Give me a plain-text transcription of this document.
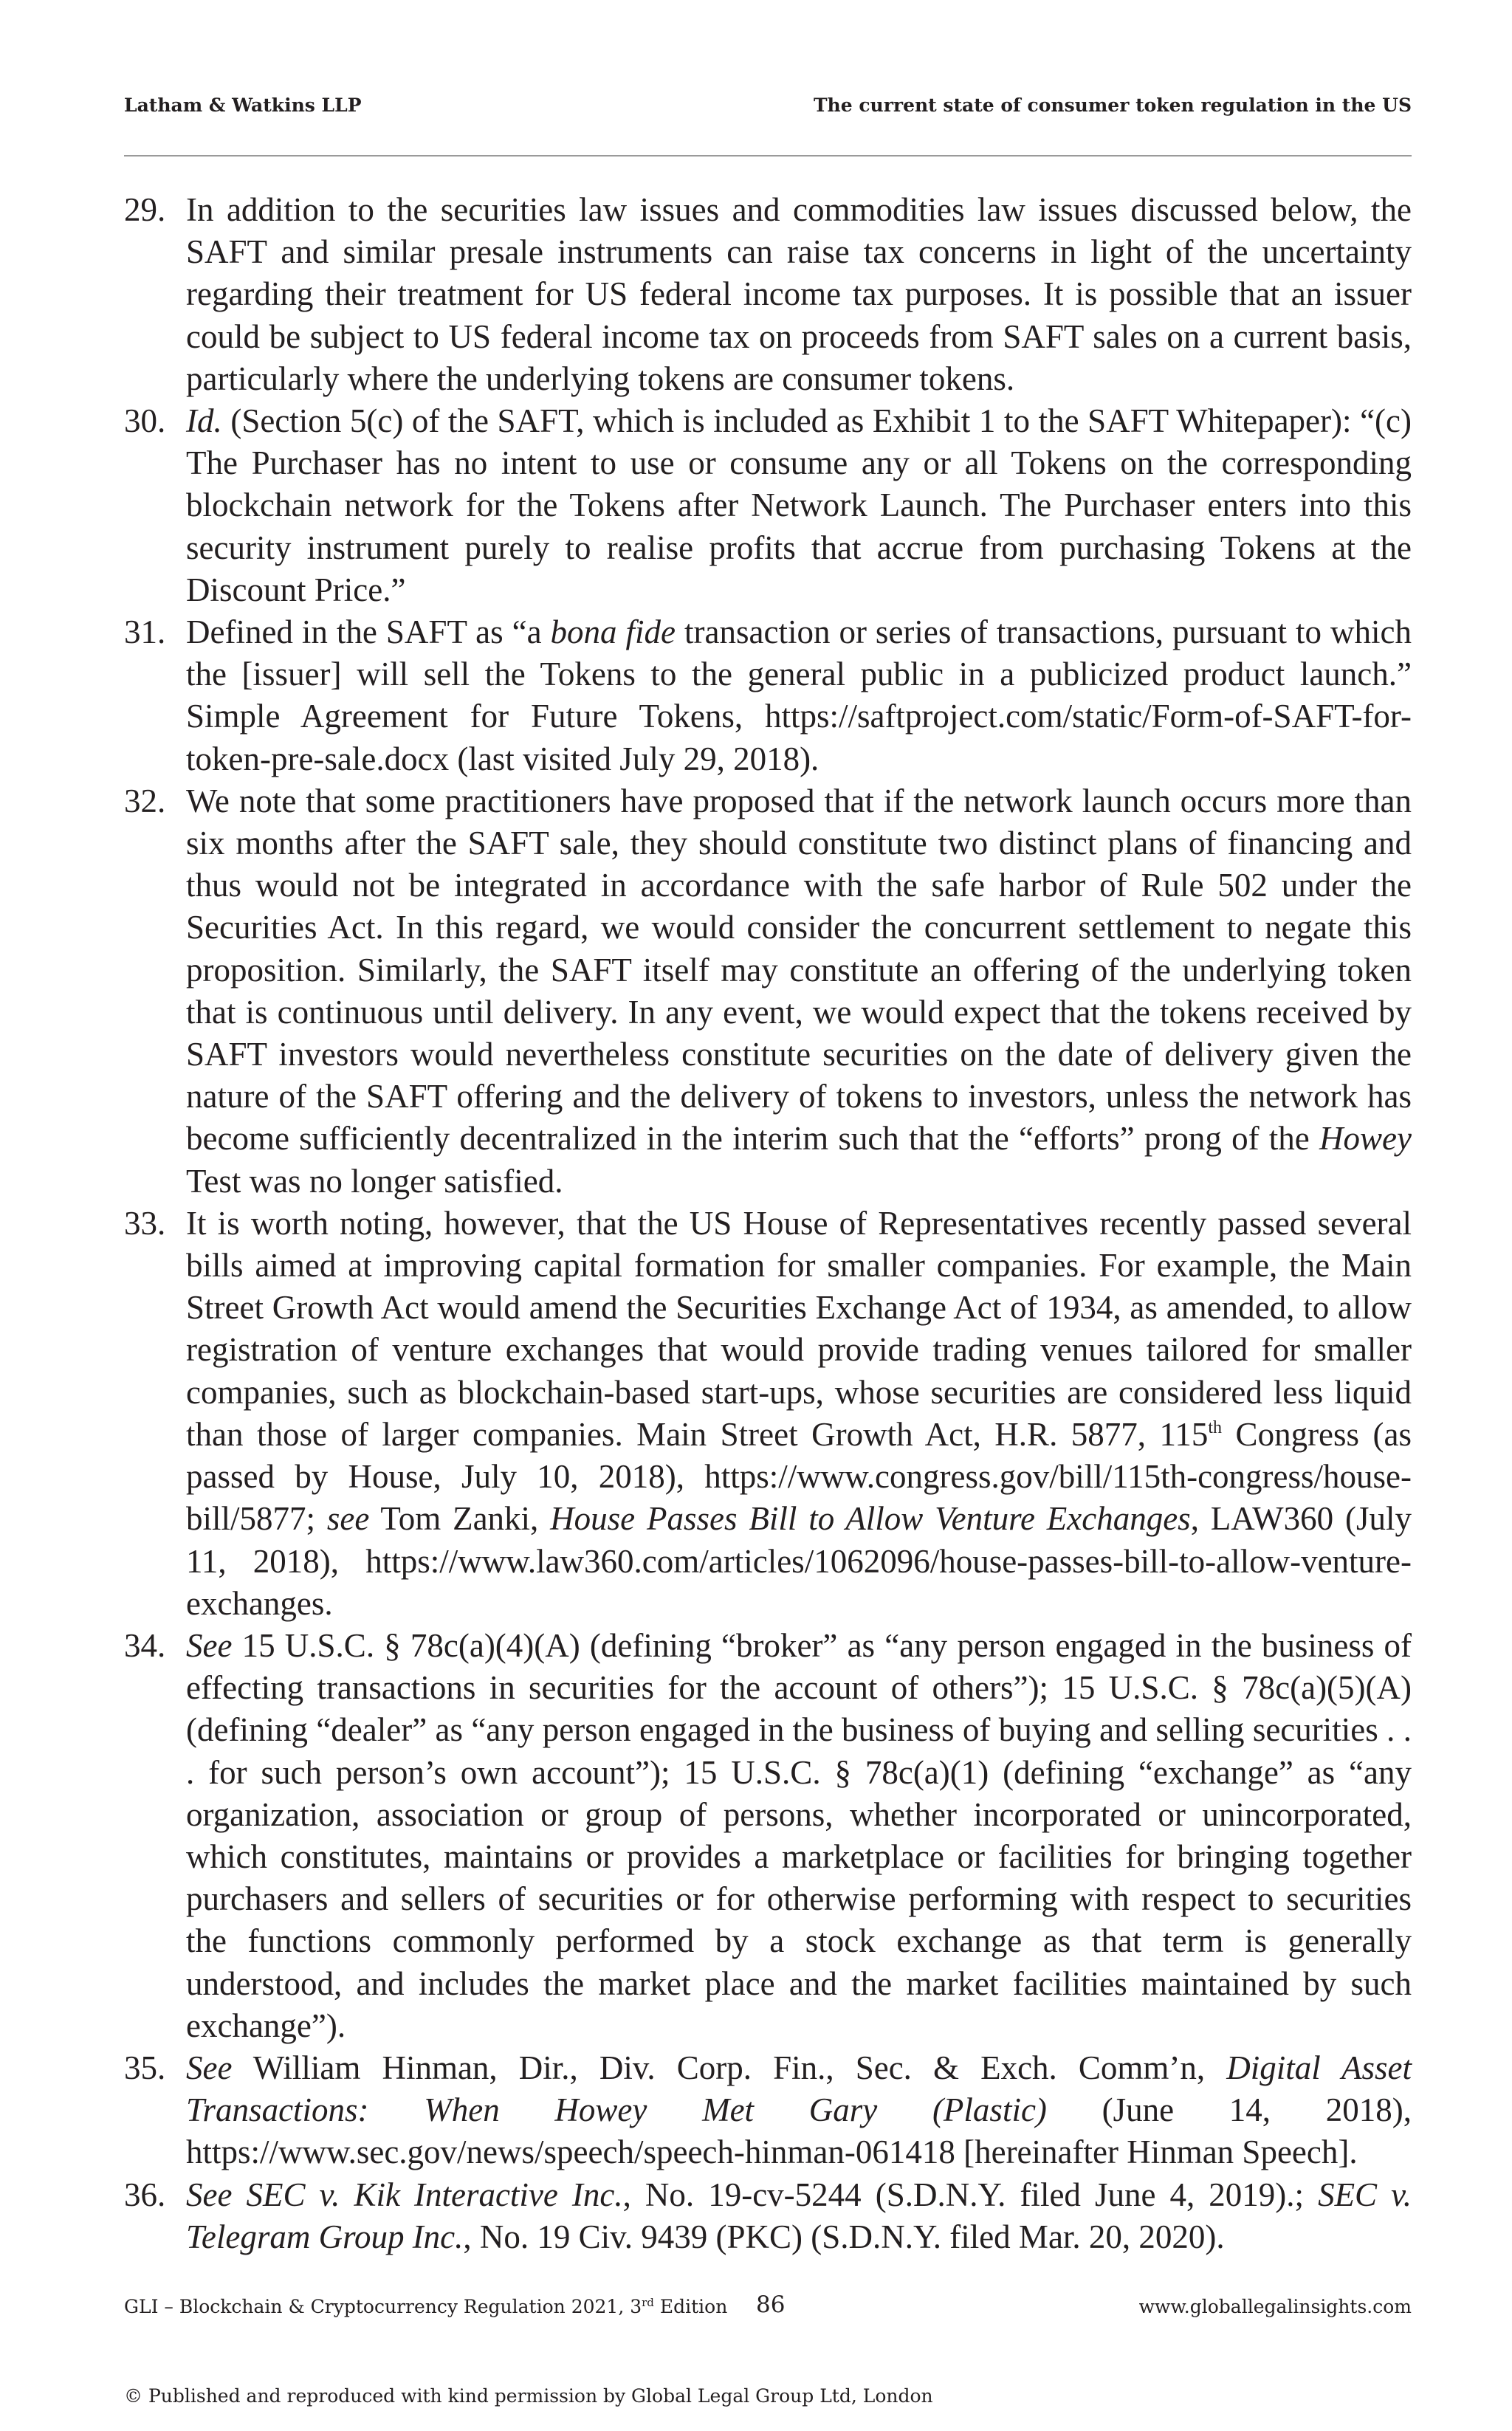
Latham & Watkins LLP	The current state of consumer token regulation in the US
29. In addition to the securities law issues and commodities law issues discussed below, the SAFT and similar presale instruments can raise tax concerns in light of the uncertainty regarding their treatment for US federal income tax purposes. It is possible that an issuer could be subject to US federal income tax on proceeds from SAFT sales on a current basis, particularly where the underlying tokens are consumer tokens.
30. Id. (Section 5(c) of the SAFT, which is included as Exhibit 1 to the SAFT Whitepaper): “(c) The Purchaser has no intent to use or consume any or all Tokens on the corresponding blockchain network for the Tokens after Network Launch. The Purchaser enters into this security instrument purely to realise profits that accrue from purchasing Tokens at the Discount Price.”
31. Defined in the SAFT as “a bona fide transaction or series of transactions, pursuant to which the [issuer] will sell the Tokens to the general public in a publicized product launch.” Simple Agreement for Future Tokens, https://saftproject.com/static/Form-of-SAFT-for-token-pre-sale.docx (last visited July 29, 2018).
32. We note that some practitioners have proposed that if the network launch occurs more than six months after the SAFT sale, they should constitute two distinct plans of financing and thus would not be integrated in accordance with the safe harbor of Rule 502 under the Securities Act. In this regard, we would consider the concurrent settlement to negate this proposition. Similarly, the SAFT itself may constitute an offering of the underlying token that is continuous until delivery. In any event, we would expect that the tokens received by SAFT investors would nevertheless constitute securities on the date of delivery given the nature of the SAFT offering and the delivery of tokens to investors, unless the network has become sufficiently decentralized in the interim such that the “efforts” prong of the Howey Test was no longer satisfied.
33. It is worth noting, however, that the US House of Representatives recently passed several bills aimed at improving capital formation for smaller companies. For example, the Main Street Growth Act would amend the Securities Exchange Act of 1934, as amended, to allow registration of venture exchanges that would provide trading venues tailored for smaller companies, such as blockchain-based start-ups, whose securities are considered less liquid than those of larger companies. Main Street Growth Act, H.R. 5877, 115th Congress (as passed by House, July 10, 2018), https://www.congress.gov/bill/115th-congress/house-bill/5877; see Tom Zanki, House Passes Bill to Allow Venture Exchanges, LAW360 (July 11, 2018), https://www.law360.com/articles/1062096/house-passes-bill-to-allow-venture-exchanges.
34. See 15 U.S.C. § 78c(a)(4)(A) (defining “broker” as “any person engaged in the business of effecting transactions in securities for the account of others”); 15 U.S.C. § 78c(a)(5)(A) (defining “dealer” as “any person engaged in the business of buying and selling securities . . . for such person’s own account”); 15 U.S.C. § 78c(a)(1) (defining “exchange” as “any organization, association or group of persons, whether incorporated or unincorporated, which constitutes, maintains or provides a marketplace or facilities for bringing together purchasers and sellers of securities or for otherwise performing with respect to securities the functions commonly performed by a stock exchange as that term is generally understood, and includes the market place and the market facilities maintained by such exchange”).
35. See William Hinman, Dir., Div. Corp. Fin., Sec. & Exch. Comm’n, Digital Asset Transactions: When Howey Met Gary (Plastic) (June 14, 2018), https://www.sec.gov/news/speech/speech-hinman-061418 [hereinafter Hinman Speech].
36. See SEC v. Kik Interactive Inc., No. 19-cv-5244 (S.D.N.Y. filed June 4, 2019).; SEC v. Telegram Group Inc., No. 19 Civ. 9439 (PKC) (S.D.N.Y. filed Mar. 20, 2020).
GLI – Blockchain & Cryptocurrency Regulation 2021, 3rd Edition 86	www.globallegalinsights.com
© Published and reproduced with kind permission by Global Legal Group Ltd, London
